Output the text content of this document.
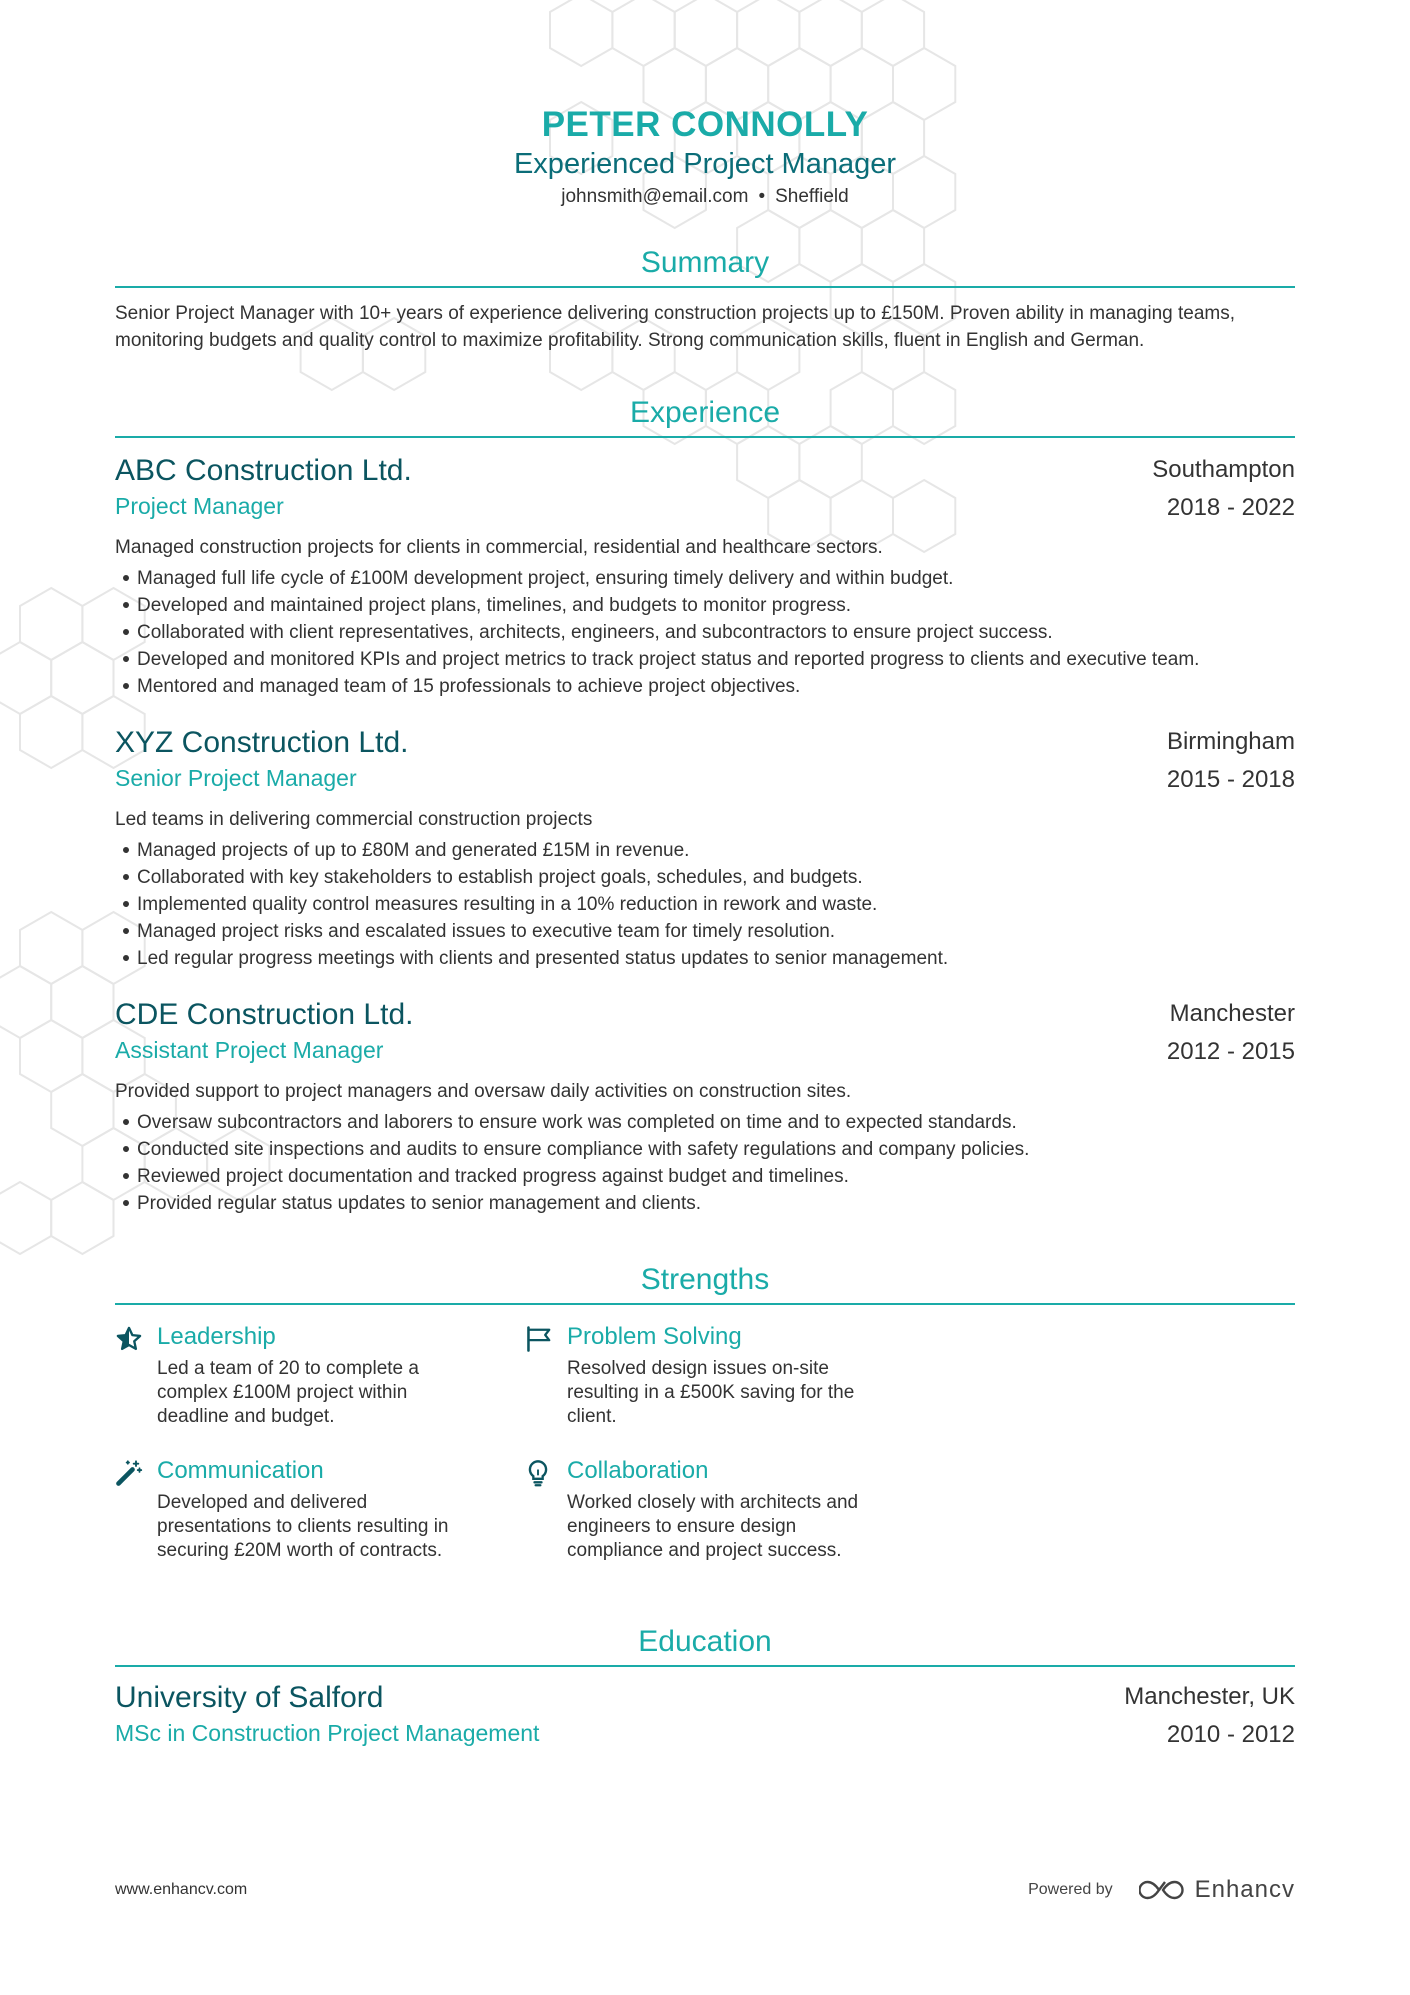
PETER CONNOLLY
Experienced Project Manager
johnsmith@email.com • Sheffield
Summary
Senior Project Manager with 10+ years of experience delivering construction projects up to £150M. Proven ability in managing teams, monitoring budgets and quality control to maximize profitability. Strong communication skills, fluent in English and German.
Experience
ABC Construction Ltd.
Project Manager
Southampton
2018 - 2022
Managed construction projects for clients in commercial, residential and healthcare sectors.
Managed full life cycle of £100M development project, ensuring timely delivery and within budget.
Developed and maintained project plans, timelines, and budgets to monitor progress.
Collaborated with client representatives, architects, engineers, and subcontractors to ensure project success.
Developed and monitored KPIs and project metrics to track project status and reported progress to clients and executive team.
Mentored and managed team of 15 professionals to achieve project objectives.
XYZ Construction Ltd.
Senior Project Manager
Birmingham
2015 - 2018
Led teams in delivering commercial construction projects
Managed projects of up to £80M and generated £15M in revenue.
Collaborated with key stakeholders to establish project goals, schedules, and budgets.
Implemented quality control measures resulting in a 10% reduction in rework and waste.
Managed project risks and escalated issues to executive team for timely resolution.
Led regular progress meetings with clients and presented status updates to senior management.
CDE Construction Ltd.
Assistant Project Manager
Manchester
2012 - 2015
Provided support to project managers and oversaw daily activities on construction sites.
Oversaw subcontractors and laborers to ensure work was completed on time and to expected standards.
Conducted site inspections and audits to ensure compliance with safety regulations and company policies.
Reviewed project documentation and tracked progress against budget and timelines.
Provided regular status updates to senior management and clients.
Strengths
Leadership
Led a team of 20 to complete a complex £100M project within deadline and budget.
Problem Solving
Resolved design issues on-site resulting in a £500K saving for the client.
Communication
Developed and delivered presentations to clients resulting in securing £20M worth of contracts.
Collaboration
Worked closely with architects and engineers to ensure design compliance and project success.
Education
University of Salford
MSc in Construction Project Management
Manchester, UK
2010 - 2012
www.enhancv.com	Powered by	Enhancv
